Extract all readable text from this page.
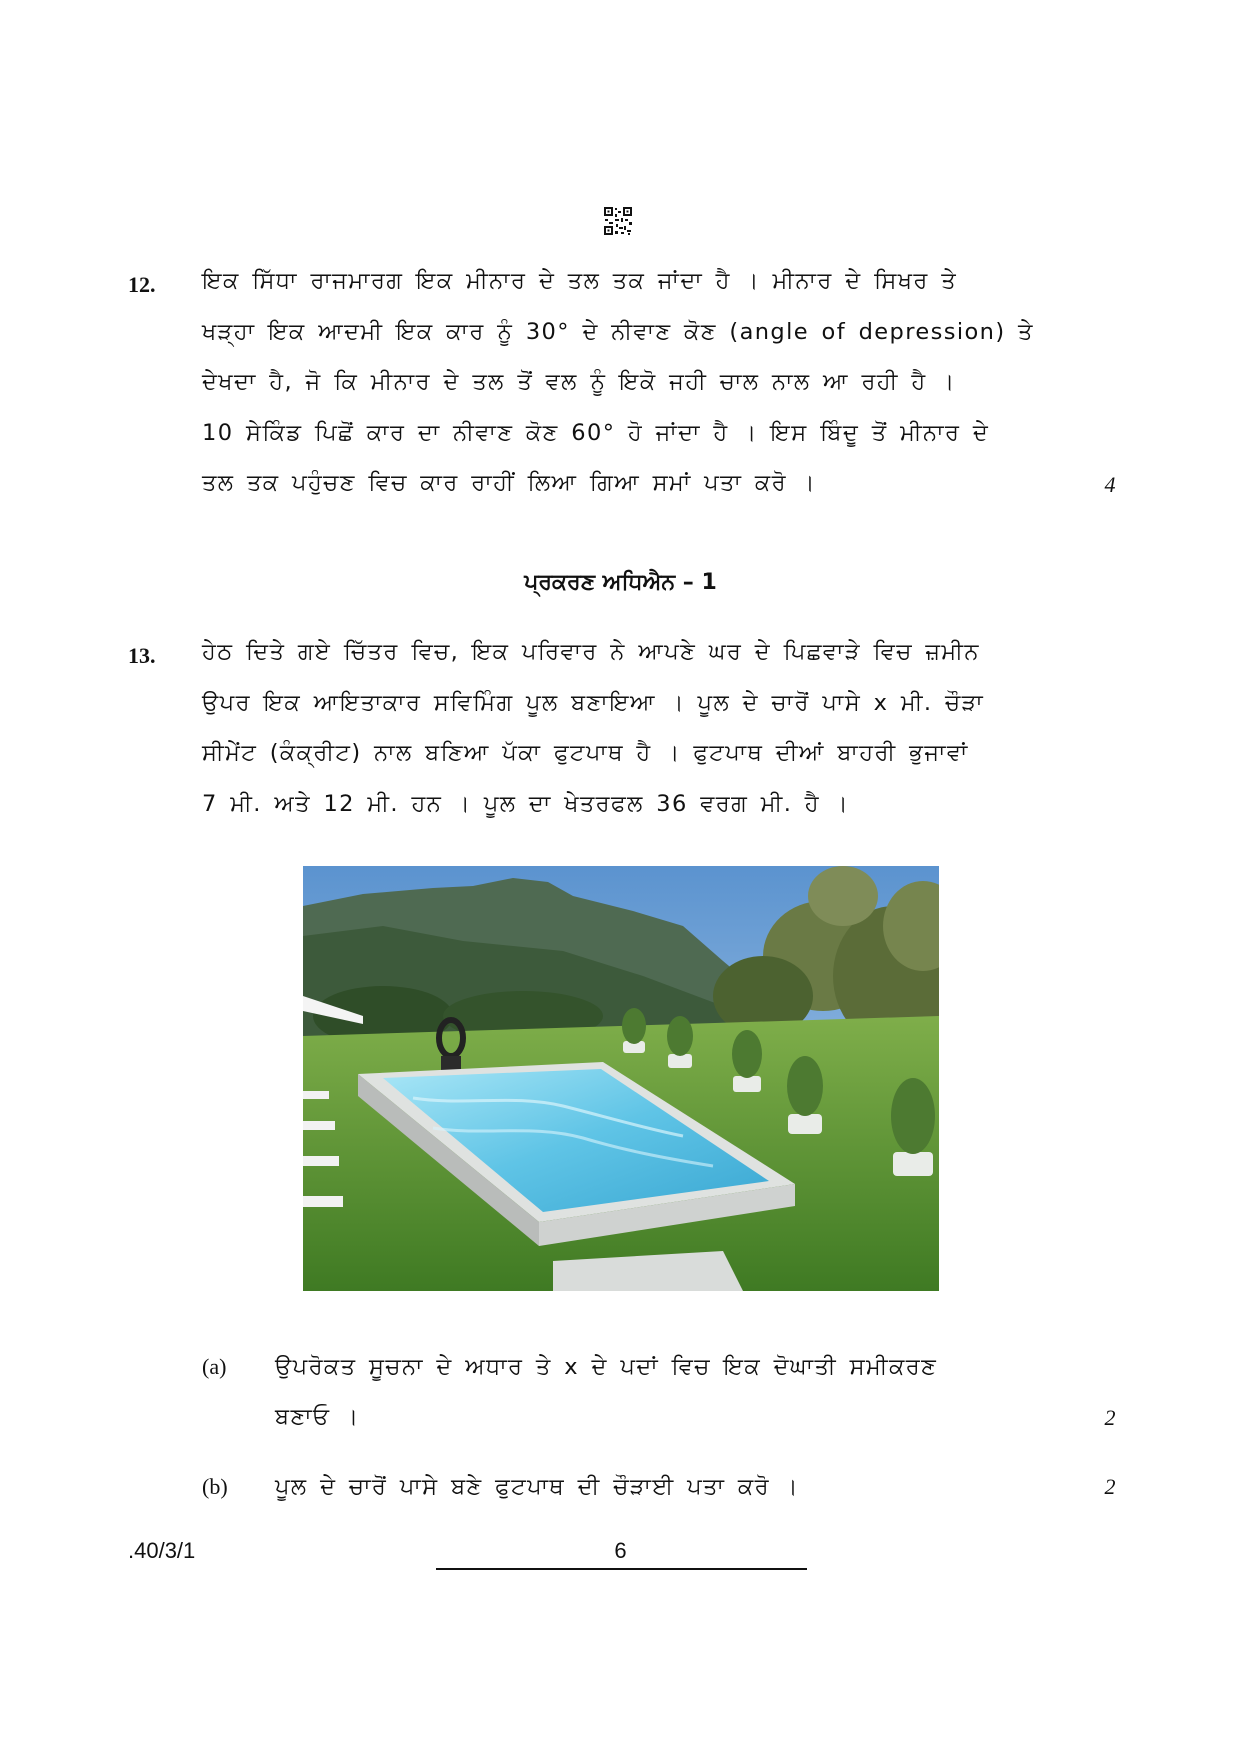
12. ਇਕ ਸਿੱਧਾ ਰਾਜਮਾਰਗ ਇਕ ਮੀਨਾਰ ਦੇ ਤਲ ਤਕ ਜਾਂਦਾ ਹੈ । ਮੀਨਾਰ ਦੇ ਸਿਖਰ ਤੇ

ਖੜ੍ਹਾ ਇਕ ਆਦਮੀ ਇਕ ਕਾਰ ਨੂੰ 30° ਦੇ ਨੀਵਾਣ ਕੋਣ (angle of depression) ਤੇ

ਦੇਖਦਾ ਹੈ, ਜੋ ਕਿ ਮੀਨਾਰ ਦੇ ਤਲ ਤੋਂ ਵਲ ਨੂੰ ਇਕੋ ਜਹੀ ਚਾਲ ਨਾਲ ਆ ਰਹੀ ਹੈ ।

10 ਸੇਕਿੰਡ ਪਿਛੋਂ ਕਾਰ ਦਾ ਨੀਵਾਣ ਕੋਣ 60° ਹੋ ਜਾਂਦਾ ਹੈ । ਇਸ ਬਿੰਦੂ ਤੋਂ ਮੀਨਾਰ ਦੇ

ਤਲ ਤਕ ਪਹੁੰਚਣ ਵਿਚ ਕਾਰ ਰਾਹੀਂ ਲਿਆ ਗਿਆ ਸਮਾਂ ਪਤਾ ਕਰੋ ।	4
ਪ੍ਰਕਰਣ ਅਧਿਐਨ – 1
13. ਹੇਠ ਦਿਤੇ ਗਏ ਚਿੱਤਰ ਵਿਚ, ਇਕ ਪਰਿਵਾਰ ਨੇ ਆਪਣੇ ਘਰ ਦੇ ਪਿਛਵਾੜੇ ਵਿਚ ਜ਼ਮੀਨ

ਉਪਰ ਇਕ ਆਇਤਾਕਾਰ ਸਵਿਮਿੰਗ ਪੂਲ ਬਣਾਇਆ । ਪੂਲ ਦੇ ਚਾਰੋਂ ਪਾਸੇ x ਮੀ. ਚੌੜਾ

ਸੀਮੇਂਟ (ਕੰਕ੍ਰੀਟ) ਨਾਲ ਬਣਿਆ ਪੱਕਾ ਫੁਟਪਾਥ ਹੈ । ਫੁਟਪਾਥ ਦੀਆਂ ਬਾਹਰੀ ਭੁਜਾਵਾਂ

7 ਮੀ. ਅਤੇ 12 ਮੀ. ਹਨ । ਪੂਲ ਦਾ ਖੇਤਰਫਲ 36 ਵਰਗ ਮੀ. ਹੈ ।

(a) ਉਪਰੋਕਤ ਸੂਚਨਾ ਦੇ ਅਧਾਰ ਤੇ x ਦੇ ਪਦਾਂ ਵਿਚ ਇਕ ਦੋਘਾਤੀ ਸਮੀਕਰਣ

ਬਣਾਓ ।	2
(b) ਪੂਲ ਦੇ ਚਾਰੋਂ ਪਾਸੇ ਬਣੇ ਫੁਟਪਾਥ ਦੀ ਚੌੜਾਈ ਪਤਾ ਕਰੋ ।	2
.40/3/1	6
